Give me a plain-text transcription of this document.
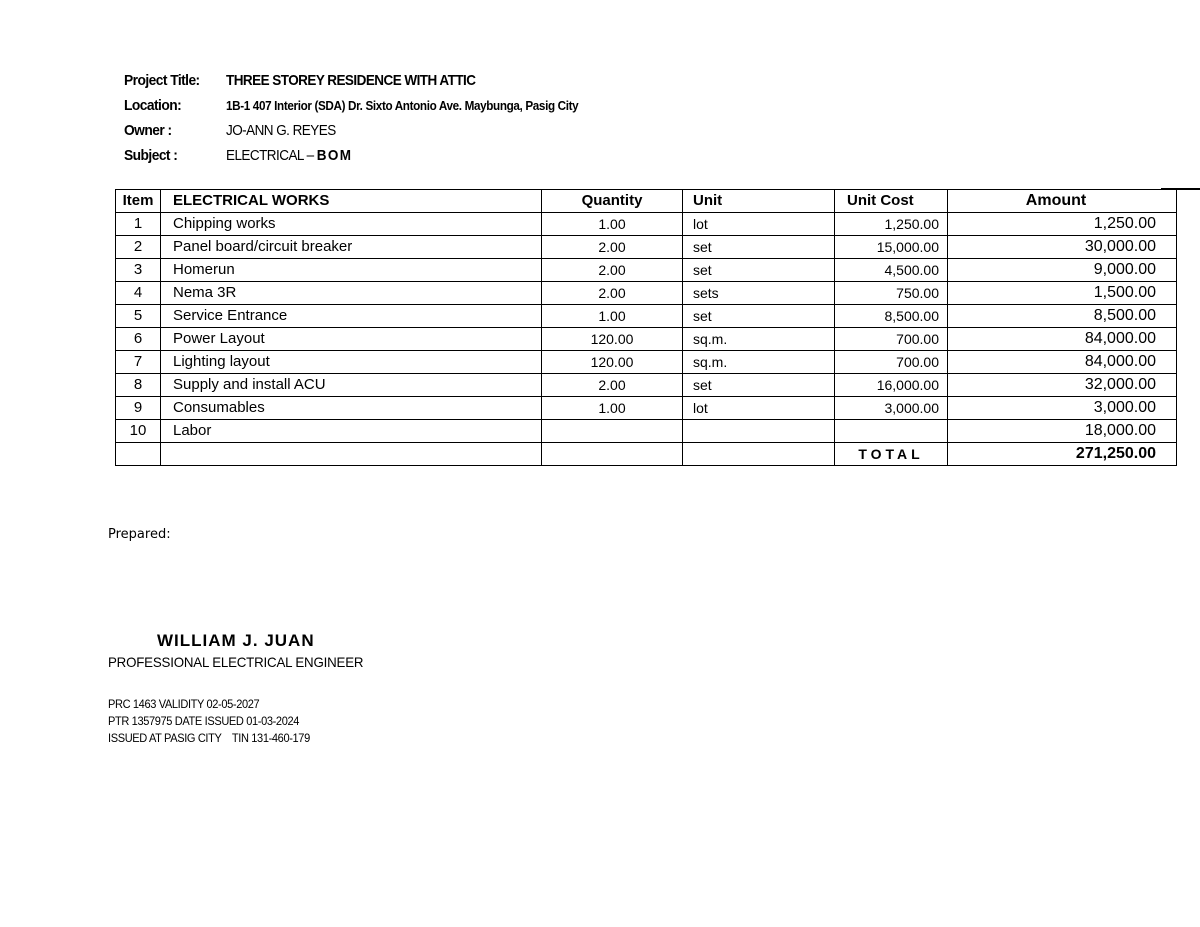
Project Title:	THREE STOREY RESIDENCE WITH ATTIC
Location:	1B-1 407 Interior (SDA) Dr. Sixto Antonio Ave. Maybunga, Pasig City
Owner :	JO-ANN G. REYES
Subject :	ELECTRICAL – BOM
Item	ELECTRICAL WORKS	Quantity	Unit	Unit Cost	Amount
1	Chipping works	1.00	lot	1,250.00	1,250.00
2	Panel board/circuit breaker	2.00	set	15,000.00	30,000.00
3	Homerun	2.00	set	4,500.00	9,000.00
4	Nema 3R	2.00	sets	750.00	1,500.00
5	Service Entrance	1.00	set	8,500.00	8,500.00
6	Power Layout	120.00	sq.m.	700.00	84,000.00
7	Lighting layout	120.00	sq.m.	700.00	84,000.00
8	Supply and install ACU	2.00	set	16,000.00	32,000.00
9	Consumables	1.00	lot	3,000.00	3,000.00
10	Labor				18,000.00
				TOTAL	271,250.00
Prepared:
WILLIAM J. JUAN
PROFESSIONAL ELECTRICAL ENGINEER
PRC 1463 VALIDITY 02-05-2027
PTR 1357975 DATE ISSUED 01-03-2024
ISSUED AT PASIG CITY    TIN 131-460-179
